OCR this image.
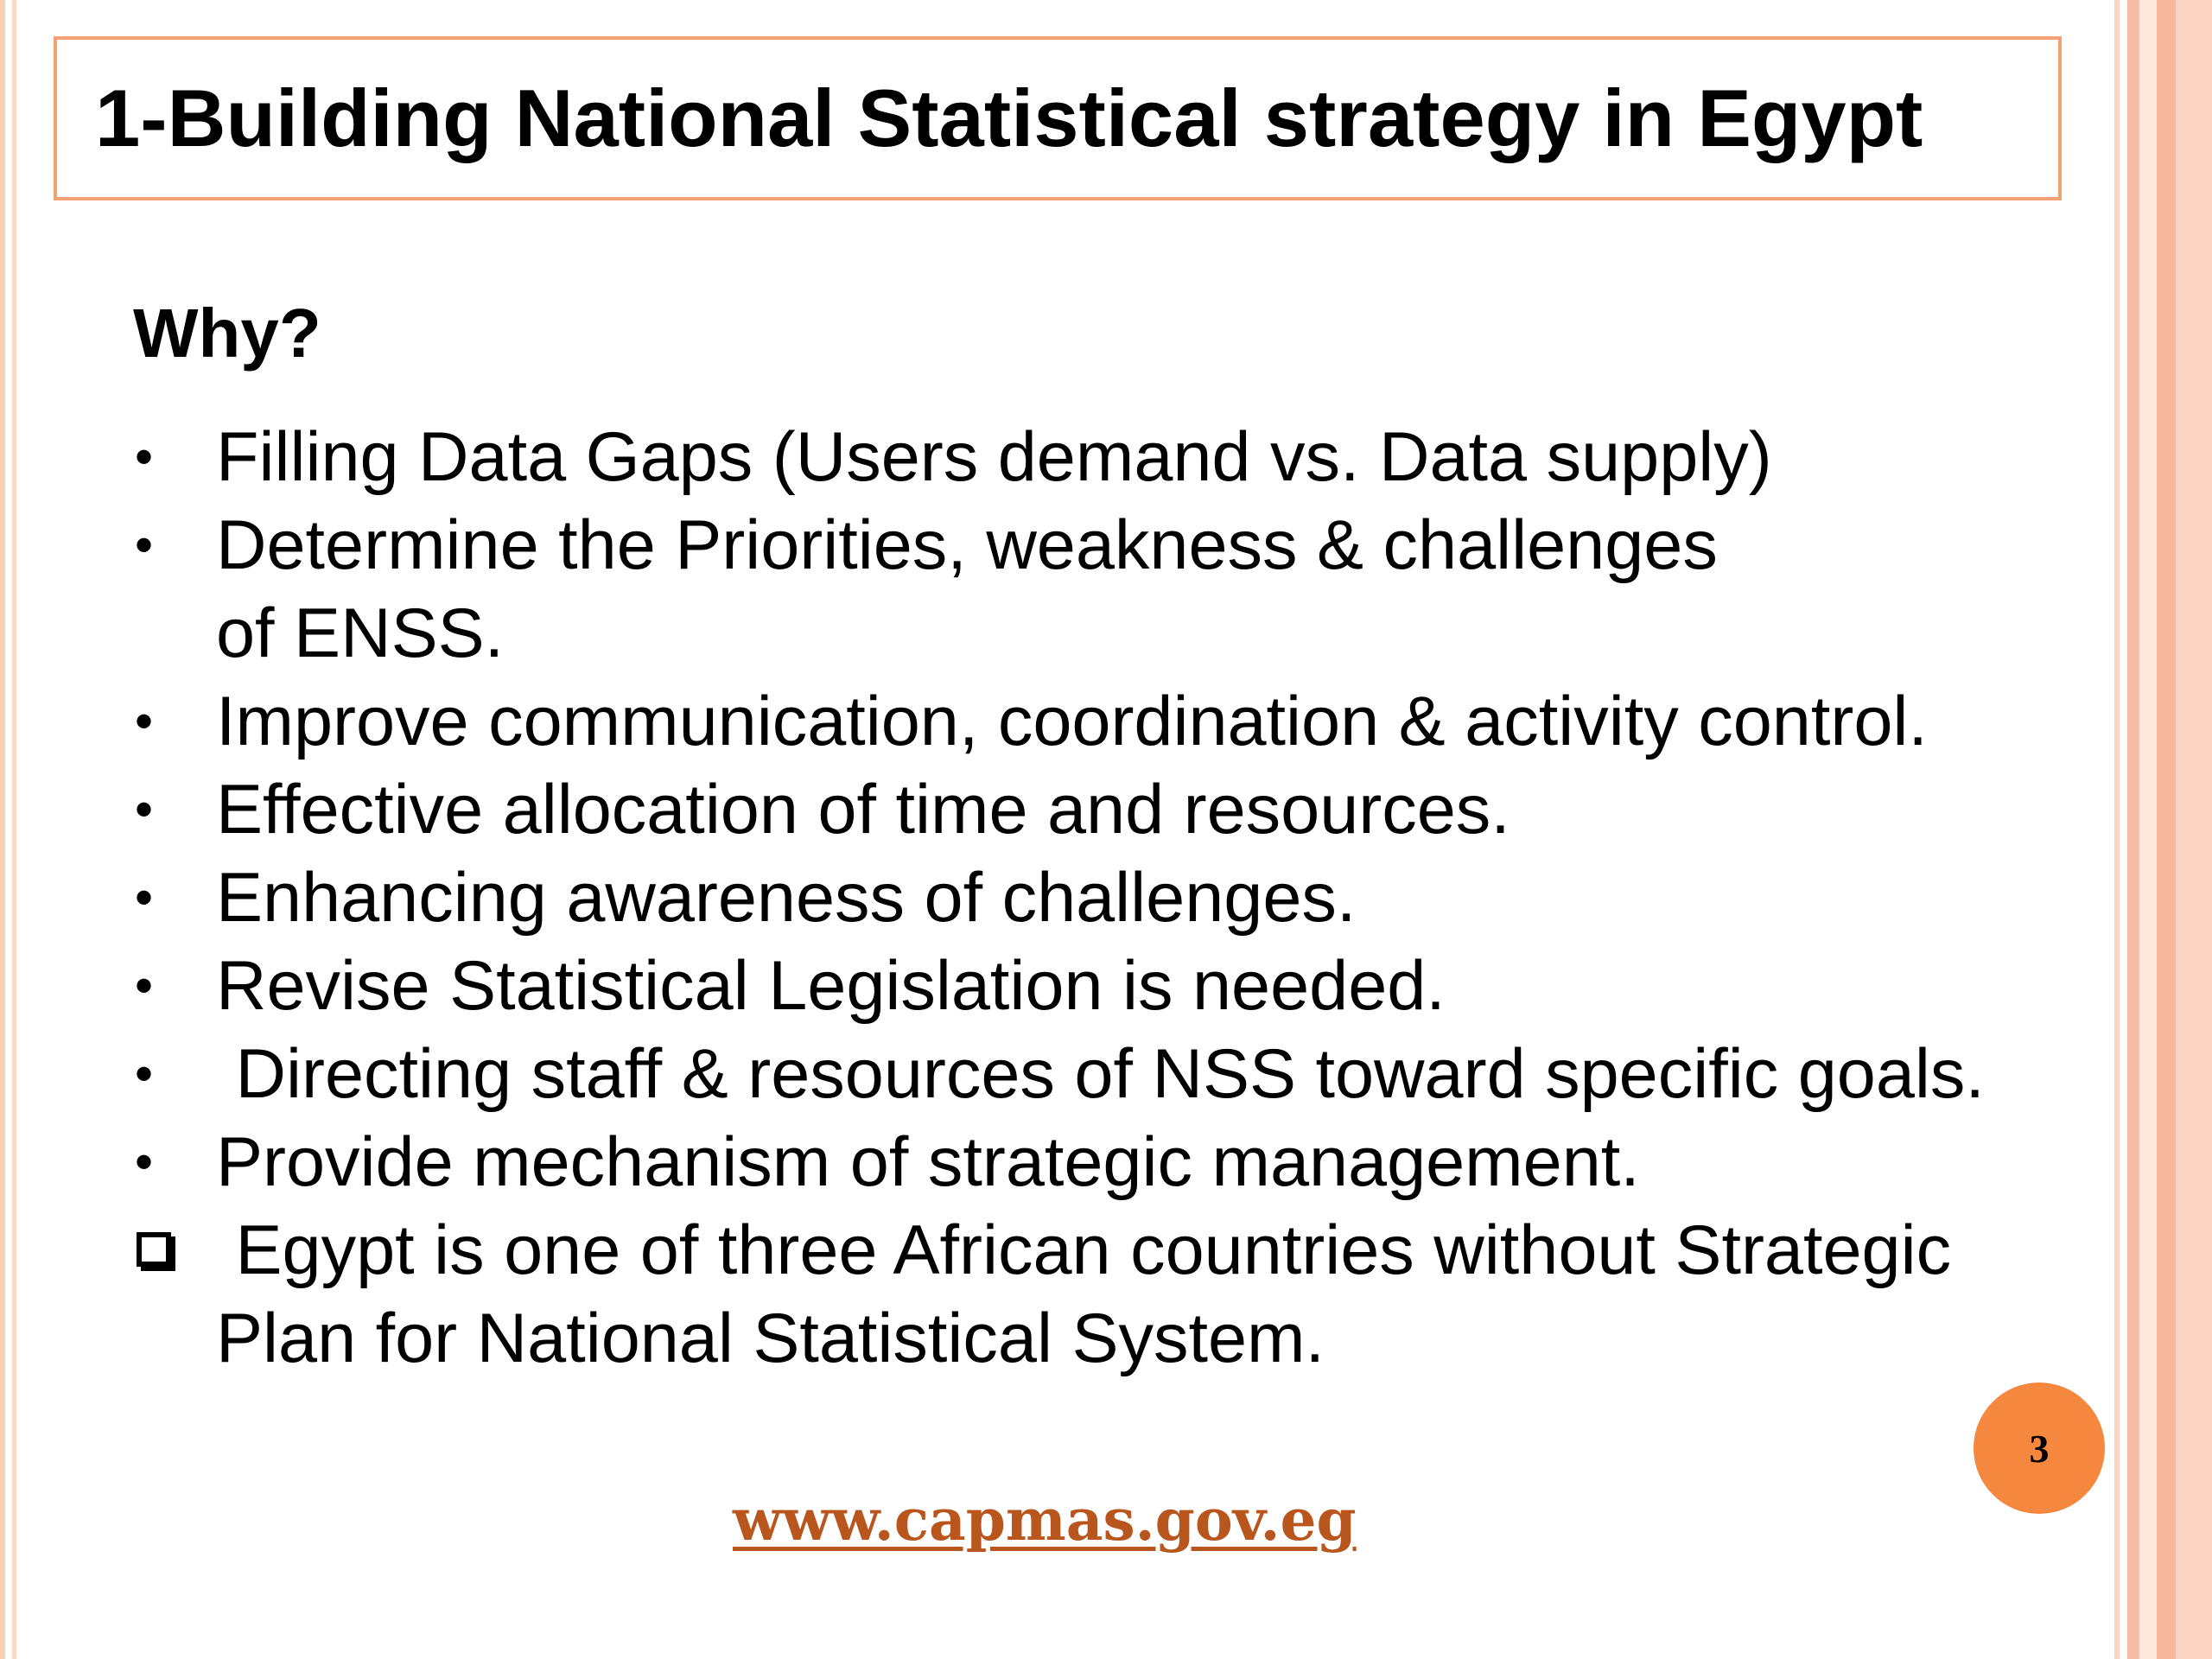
1-Building National Statistical strategy in Egypt
Why?
• Filling Data Gaps (Users demand vs. Data supply)
• Determine the Priorities, weakness & challenges
of ENSS.
• Improve communication, coordination & activity control.
• Effective allocation of time and resources.
• Enhancing awareness of challenges.
• Revise Statistical Legislation is needed.
• Directing staff & resources of NSS toward specific goals.
• Provide mechanism of strategic management.
Egypt is one of three African countries without Strategic
Plan for National Statistical System.
3
www.capmas.gov.eg
